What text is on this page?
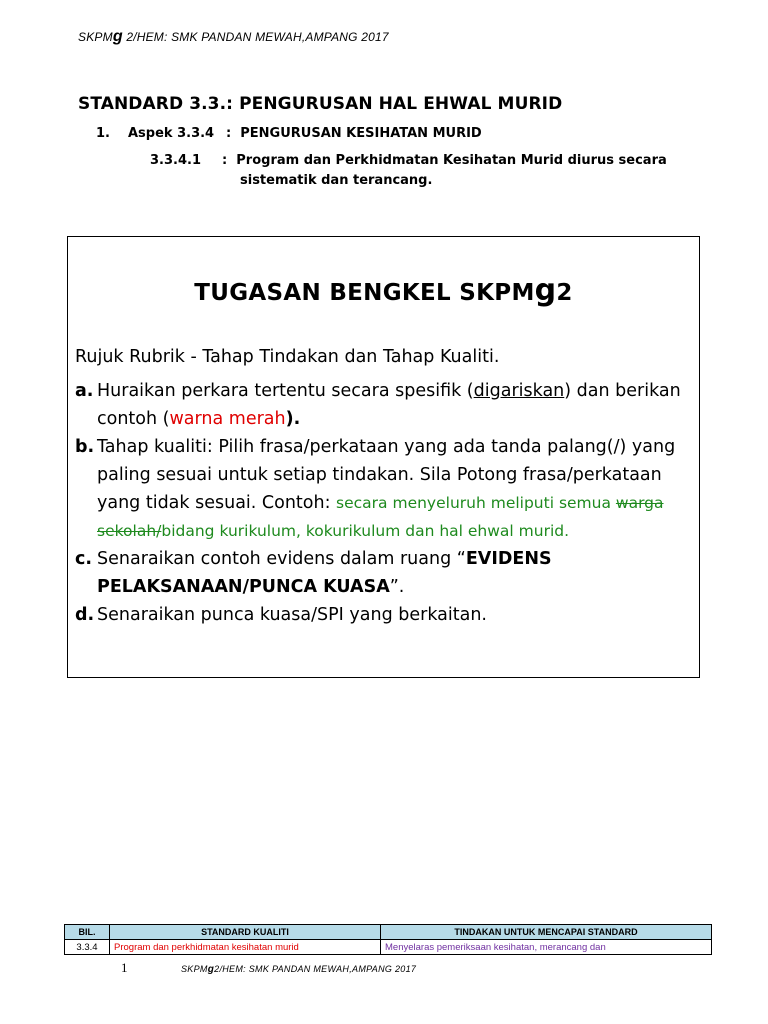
SKPMg 2/HEM: SMK PANDAN MEWAH,AMPANG 2017
STANDARD 3.3.: PENGURUSAN HAL EHWAL MURID
1. Aspek 3.3.4 : PENGURUSAN KESIHATAN MURID
3.3.4.1 : Program dan Perkhidmatan Kesihatan Murid diurus secara
sistematik dan terancang.
TUGASAN BENGKEL SKPMg2
Rujuk Rubrik - Tahap Tindakan dan Tahap Kualiti.
a. Huraikan perkara tertentu secara spesifik (digariskan) dan berikan contoh (warna merah).
b. Tahap kualiti: Pilih frasa/perkataan yang ada tanda palang(/) yang paling sesuai untuk setiap tindakan. Sila Potong frasa/perkataan yang tidak sesuai. Contoh: secara menyeluruh meliputi semua warga sekolah/bidang kurikulum, kokurikulum dan hal ehwal murid.
c. Senaraikan contoh evidens dalam ruang “EVIDENS PELAKSANAAN/PUNCA KUASA”.
d. Senaraikan punca kuasa/SPI yang berkaitan.
BIL.	STANDARD KUALITI	TINDAKAN UNTUK MENCAPAI STANDARD
3.3.4	Program dan perkhidmatan kesihatan murid	Menyelaras pemeriksaan kesihatan, merancang dan
1	SKPMg2/HEM: SMK PANDAN MEWAH,AMPANG 2017
